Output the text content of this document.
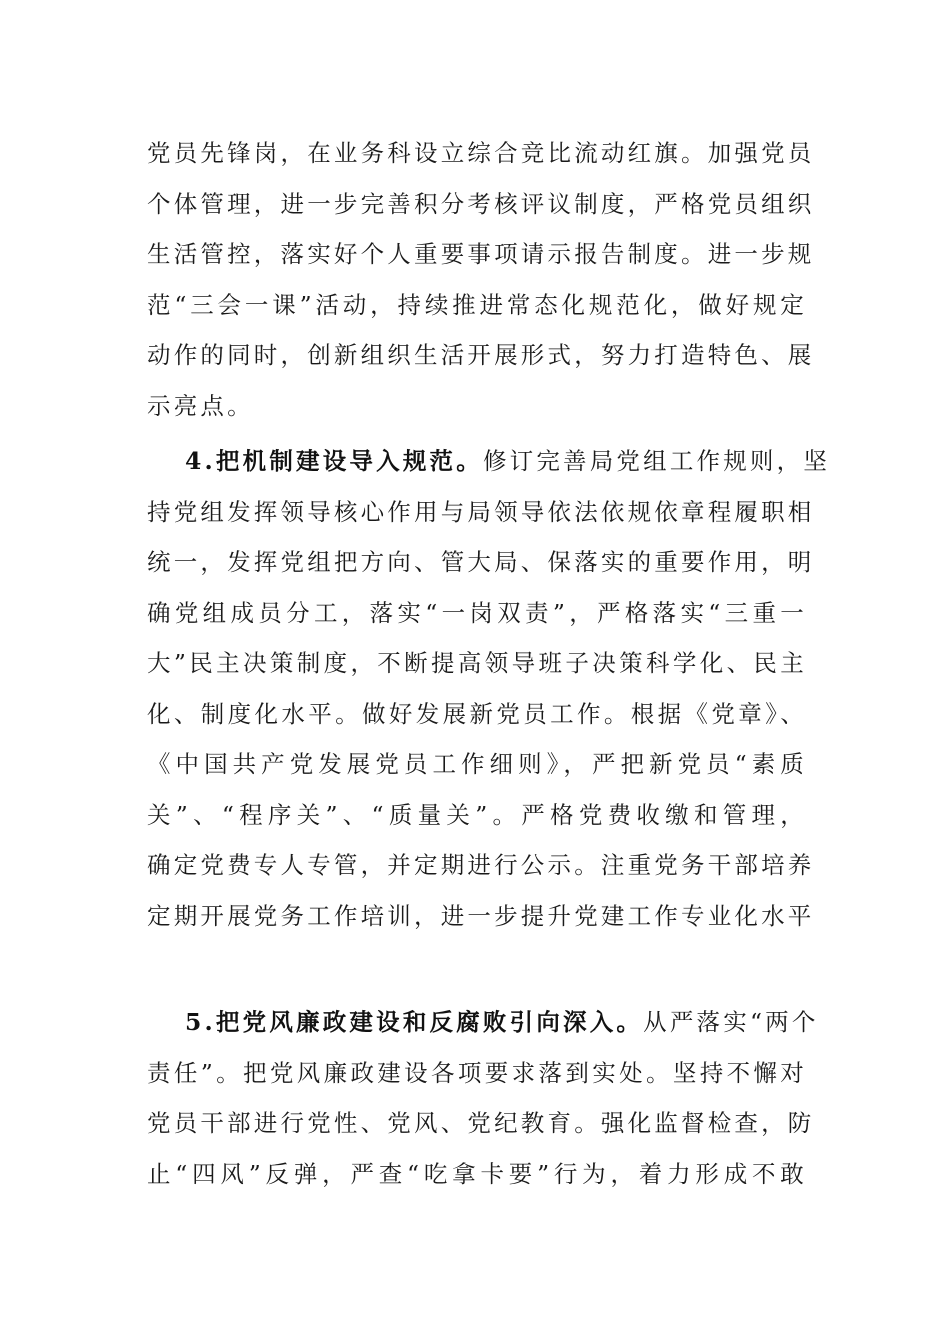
党员先锋岗，在业务科设立综合竞比流动红旗。加强党员
个体管理，进一步完善积分考核评议制度，严格党员组织
生活管控，落实好个人重要事项请示报告制度。进一步规
范“三会一课”活动，持续推进常态化规范化，做好规定
动作的同时，创新组织生活开展形式，努力打造特色、展
示亮点。
4.把机制建设导入规范。修订完善局党组工作规则，坚
持党组发挥领导核心作用与局领导依法依规依章程履职相
统一，发挥党组把方向、管大局、保落实的重要作用，明
确党组成员分工，落实“一岗双责”，严格落实“三重一
大”民主决策制度，不断提高领导班子决策科学化、民主
化、制度化水平。做好发展新党员工作。根据《党章》、
《中国共产党发展党员工作细则》，严把新党员“素质
关”、“程序关”、“质量关”。严格党费收缴和管理，
确定党费专人专管，并定期进行公示。注重党务干部培养
定期开展党务工作培训，进一步提升党建工作专业化水平
5.把党风廉政建设和反腐败引向深入。从严落实“两个
责任”。把党风廉政建设各项要求落到实处。坚持不懈对
党员干部进行党性、党风、党纪教育。强化监督检查，防
止“四风”反弹，严查“吃拿卡要”行为，着力形成不敢
